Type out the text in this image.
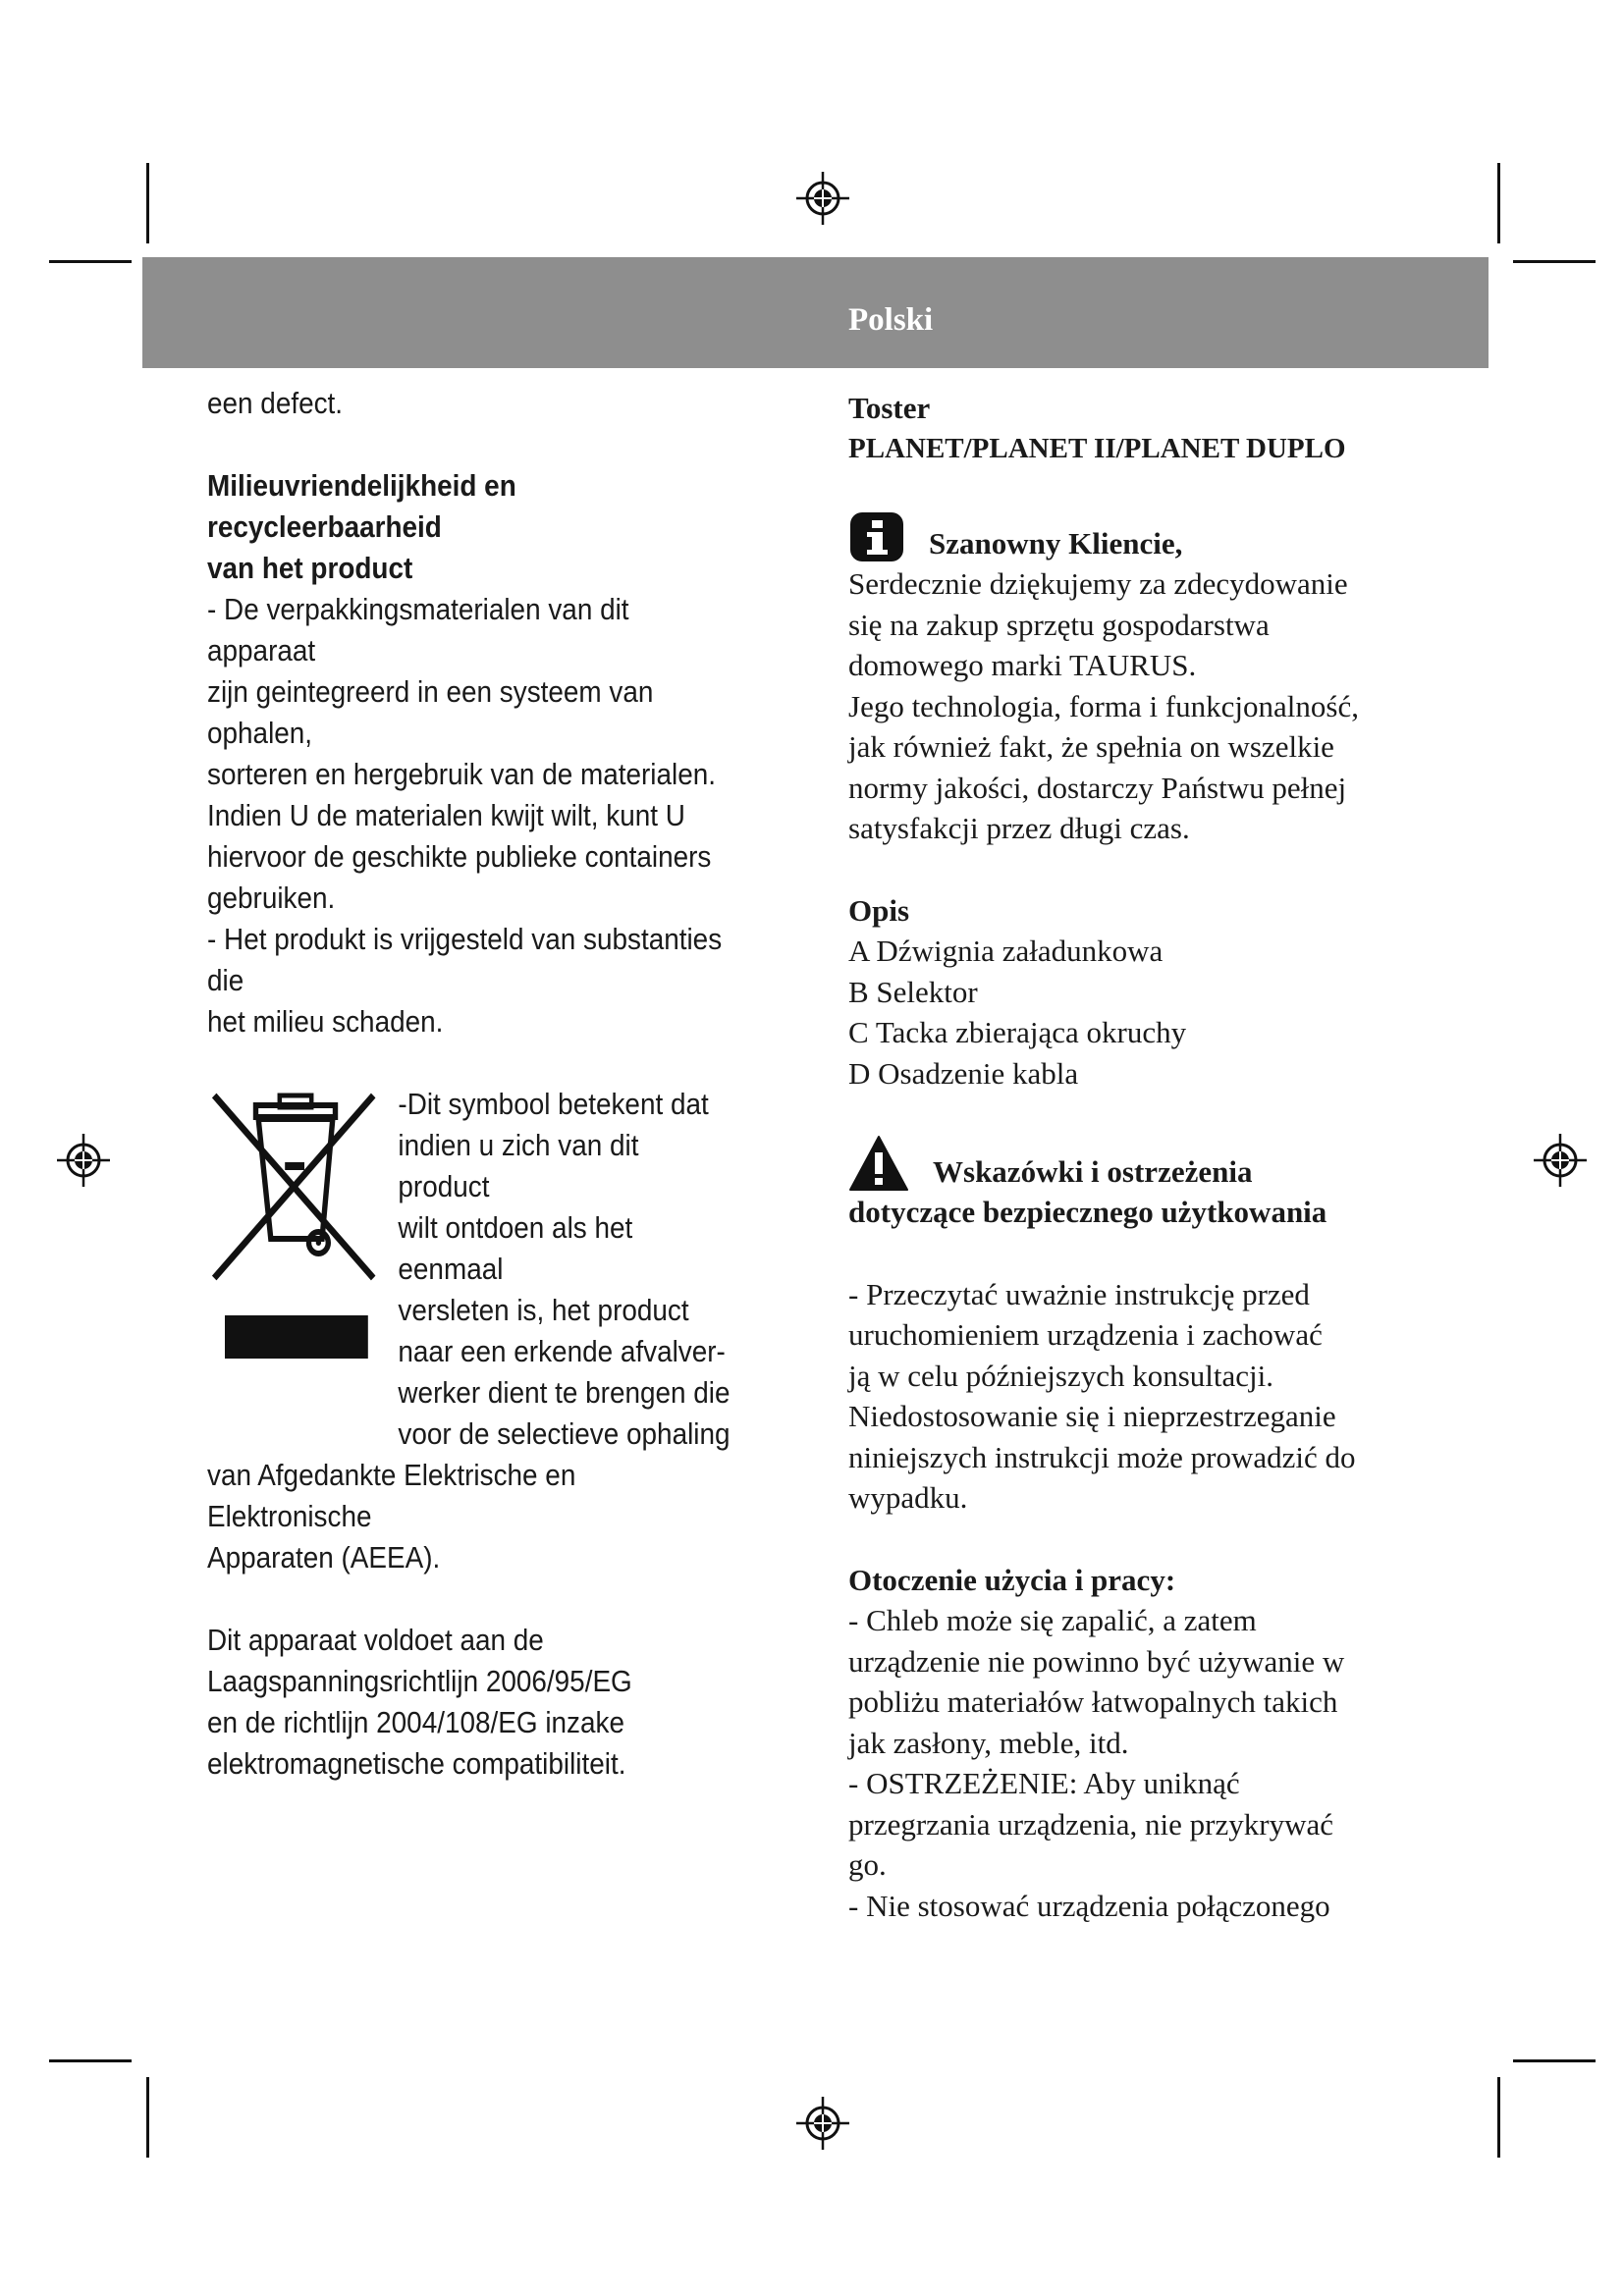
Polski

een defect.

Milieuvriendelijkheid en recycleerbaarheid

van het product

- De verpakkingsmaterialen van dit apparaat

zijn geintegreerd in een systeem van ophalen,

sorteren en hergebruik van de materialen.

Indien U de materialen kwijt wilt, kunt U

hiervoor de geschikte publieke containers

gebruiken.

- Het produkt is vrijgesteld van substanties die

het milieu schaden.

-Dit symbool betekent dat

indien u zich van dit product

wilt ontdoen als het eenmaal

versleten is, het product

naar een erkende afvalver-

werker dient te brengen die

voor de selectieve ophaling

van Afgedankte Elektrische en Elektronische

Apparaten (AEEA).

Dit apparaat voldoet aan de

Laagspanningsrichtlijn 2006/95/EG

en de richtlijn 2004/108/EG inzake

elektromagnetische compatibiliteit.

Toster

PLANET/PLANET II/PLANET DUPLO

Szanowny Kliencie,

Serdecznie dziękujemy za zdecydowanie

się na zakup sprzętu gospodarstwa

domowego marki TAURUS.

Jego technologia, forma i funkcjonalność,

jak również fakt, że spełnia on wszelkie

normy jakości, dostarczy Państwu pełnej

satysfakcji przez długi czas.

Opis

A Dźwignia załadunkowa

B Selektor

C Tacka zbierająca okruchy

D Osadzenie kabla

Wskazówki i ostrzeżenia

dotyczące bezpiecznego użytkowania

- Przeczytać uważnie instrukcję przed

uruchomieniem urządzenia i zachować

ją w celu późniejszych konsultacji.

Niedostosowanie się i nieprzestrzeganie

niniejszych instrukcji może prowadzić do

wypadku.

Otoczenie użycia i pracy:

- Chleb może się zapalić, a zatem

urządzenie nie powinno być używanie w

pobliżu materiałów łatwopalnych takich

jak zasłony, meble, itd.

- OSTRZEŻENIE: Aby uniknąć

przegrzania urządzenia, nie przykrywać

go.

- Nie stosować urządzenia połączonego
